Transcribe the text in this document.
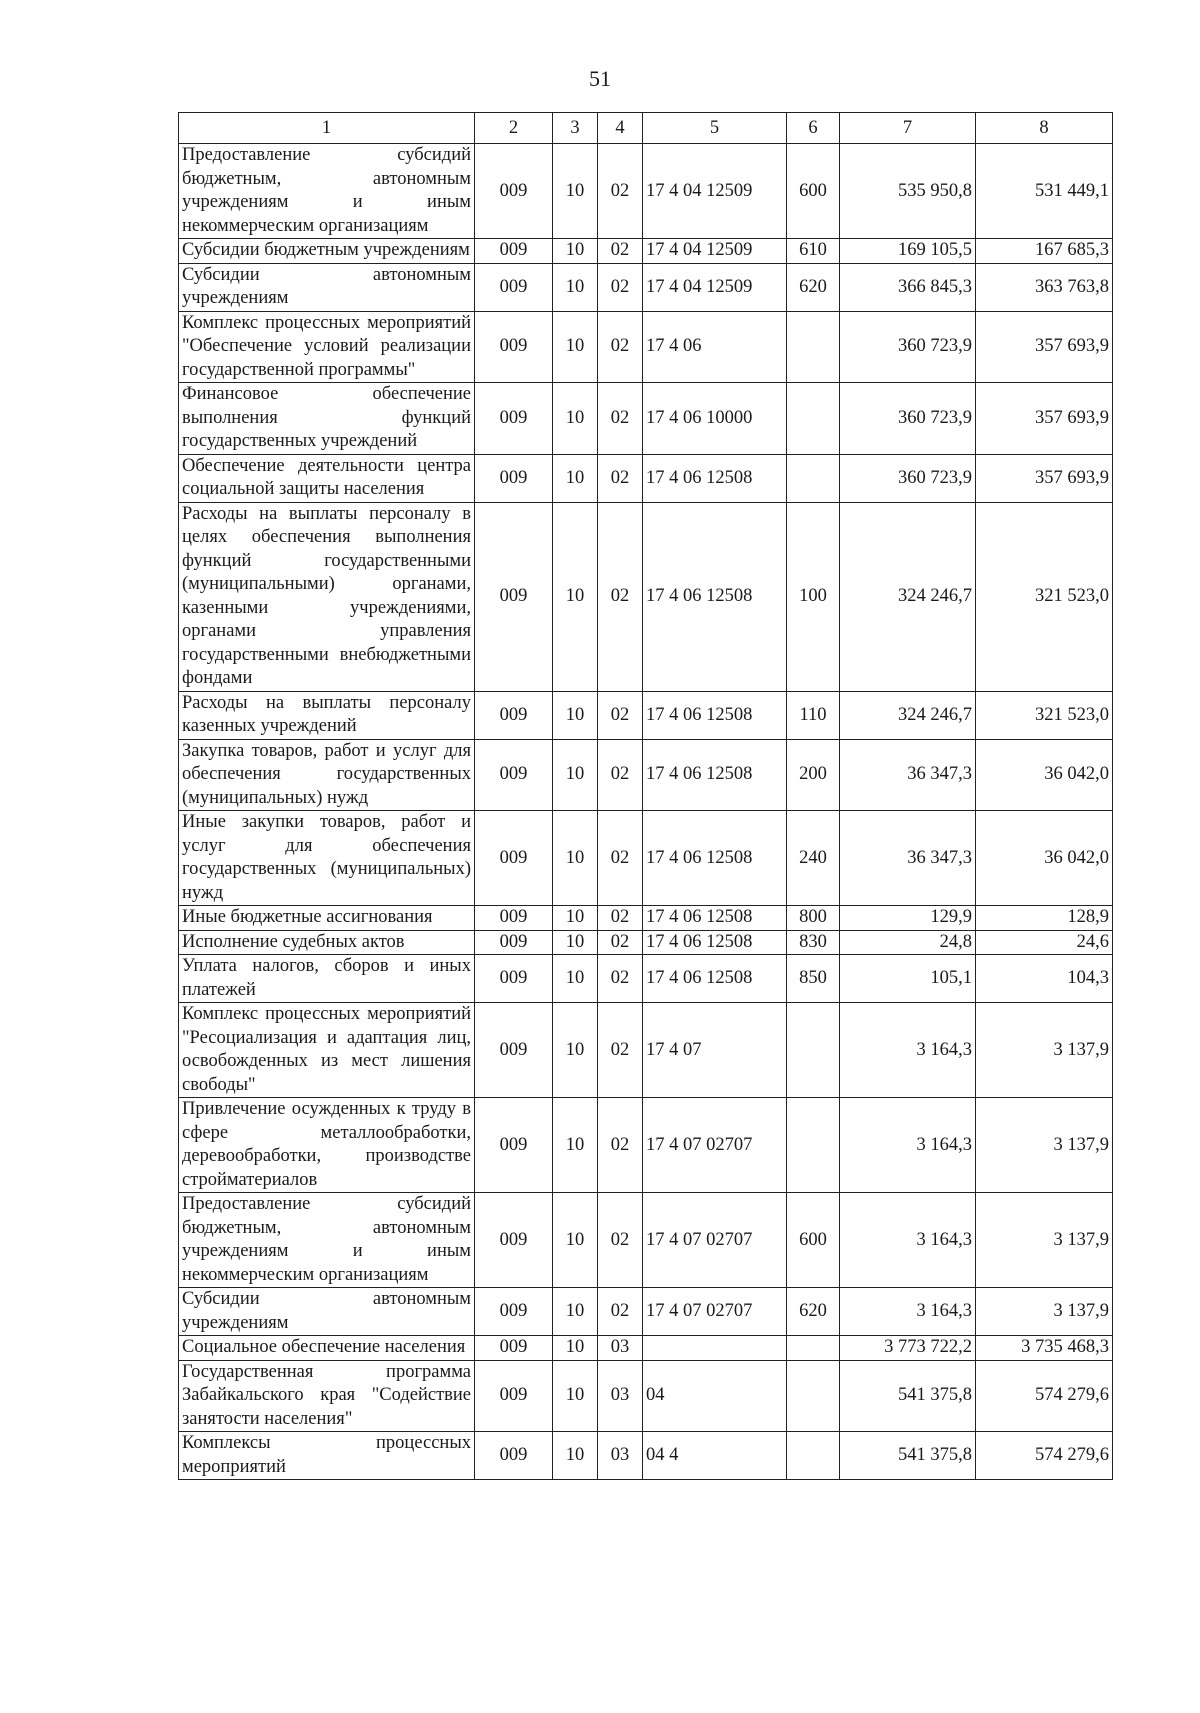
51
1	2	3	4	5	6	7	8
Предоставление субсидий бюджетным, автономным учреждениям и иным некоммерческим организациям	009	10	02	17 4 04 12509	600	535 950,8	531 449,1
Субсидии бюджетным учреждениям	009	10	02	17 4 04 12509	610	169 105,5	167 685,3
Субсидии автономным учреждениям	009	10	02	17 4 04 12509	620	366 845,3	363 763,8
Комплекс процессных мероприятий "Обеспечение условий реализации государственной программы"	009	10	02	17 4 06		360 723,9	357 693,9
Финансовое обеспечение выполнения функций государственных учреждений	009	10	02	17 4 06 10000		360 723,9	357 693,9
Обеспечение деятельности центра социальной защиты населения	009	10	02	17 4 06 12508		360 723,9	357 693,9
Расходы на выплаты персоналу в целях обеспечения выполнения функций государственными (муниципальными) органами, казенными учреждениями, органами управления государственными внебюджетными фондами	009	10	02	17 4 06 12508	100	324 246,7	321 523,0
Расходы на выплаты персоналу казенных учреждений	009	10	02	17 4 06 12508	110	324 246,7	321 523,0
Закупка товаров, работ и услуг для обеспечения государственных (муниципальных) нужд	009	10	02	17 4 06 12508	200	36 347,3	36 042,0
Иные закупки товаров, работ и услуг для обеспечения государственных (муниципальных) нужд	009	10	02	17 4 06 12508	240	36 347,3	36 042,0
Иные бюджетные ассигнования	009	10	02	17 4 06 12508	800	129,9	128,9
Исполнение судебных актов	009	10	02	17 4 06 12508	830	24,8	24,6
Уплата налогов, сборов и иных платежей	009	10	02	17 4 06 12508	850	105,1	104,3
Комплекс процессных мероприятий "Ресоциализация и адаптация лиц, освобожденных из мест лишения свободы"	009	10	02	17 4 07		3 164,3	3 137,9
Привлечение осужденных к труду в сфере металлообработки, деревообработки, производстве стройматериалов	009	10	02	17 4 07 02707		3 164,3	3 137,9
Предоставление субсидий бюджетным, автономным учреждениям и иным некоммерческим организациям	009	10	02	17 4 07 02707	600	3 164,3	3 137,9
Субсидии автономным учреждениям	009	10	02	17 4 07 02707	620	3 164,3	3 137,9
Социальное обеспечение населения	009	10	03			3 773 722,2	3 735 468,3
Государственная программа Забайкальского края "Содействие занятости населения"	009	10	03	04		541 375,8	574 279,6
Комплексы процессных мероприятий	009	10	03	04 4		541 375,8	574 279,6
